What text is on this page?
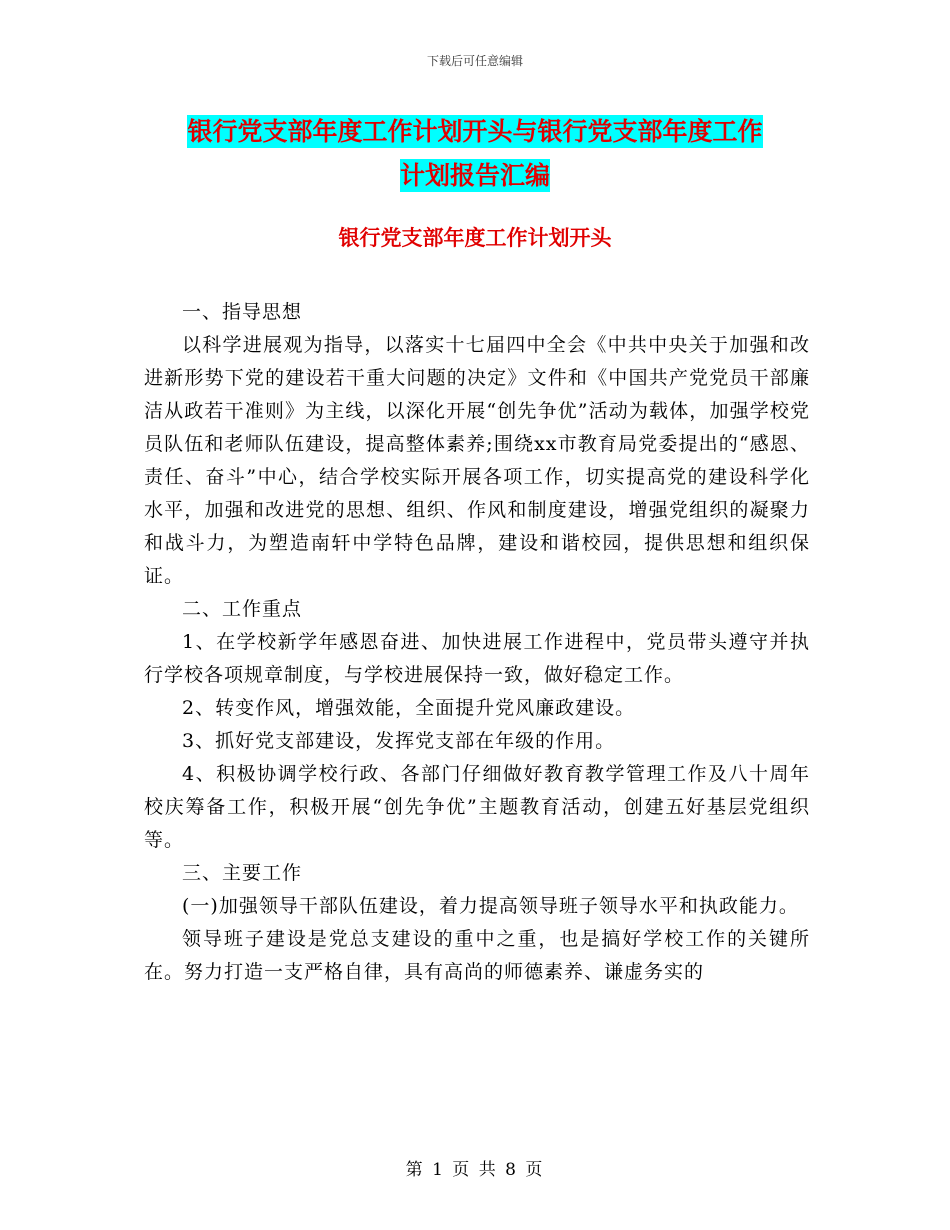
下载后可任意编辑
银行党支部年度工作计划开头与银行党支部年度工作
计划报告汇编
银行党支部年度工作计划开头

一、指导思想

以科学进展观为指导，以落实十七届四中全会《中共中央关于加强和改进新形势下党的建设若干重大问题的决定》文件和《中国共产党党员干部廉洁从政若干准则》为主线，以深化开展“创先争优”活动为载体，加强学校党员队伍和老师队伍建设，提高整体素养;围绕xx市教育局党委提出的“感恩、责任、奋斗”中心，结合学校实际开展各项工作，切实提高党的建设科学化水平，加强和改进党的思想、组织、作风和制度建设，增强党组织的凝聚力和战斗力，为塑造南轩中学特色品牌，建设和谐校园，提供思想和组织保证。

二、工作重点

1、在学校新学年感恩奋进、加快进展工作进程中，党员带头遵守并执行学校各项规章制度，与学校进展保持一致，做好稳定工作。

2、转变作风，增强效能，全面提升党风廉政建设。

3、抓好党支部建设，发挥党支部在年级的作用。

4、积极协调学校行政、各部门仔细做好教育教学管理工作及八十周年校庆筹备工作，积极开展“创先争优”主题教育活动，创建五好基层党组织等。

三、主要工作

(一)加强领导干部队伍建设，着力提高领导班子领导水平和执政能力。

领导班子建设是党总支建设的重中之重，也是搞好学校工作的关键所在。努力打造一支严格自律，具有高尚的师德素养、谦虚务实的

第 1 页 共 8 页
